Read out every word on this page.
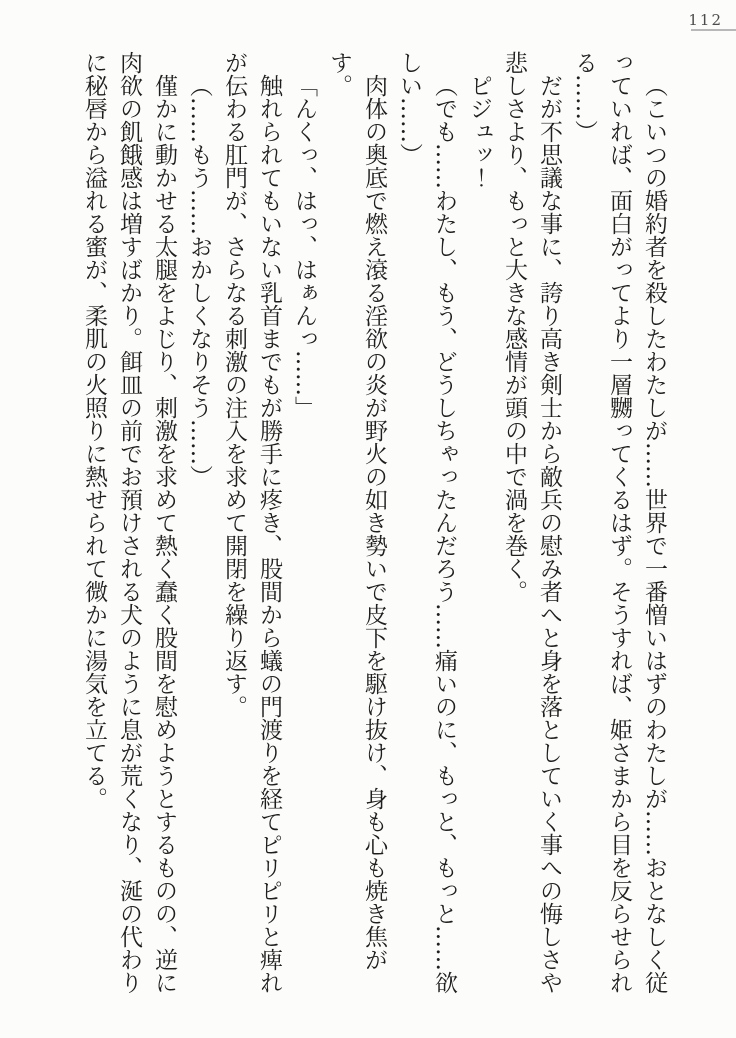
112

（こいつの婚約者を殺したわたしが……世界で一番憎いはずのわたしが……おとなしく従っていれば、面白がってより一層嬲ってくるはず。そうすれば、姫さまから目を反らせられる……）

だが不思議な事に、誇り高き剣士から敵兵の慰み者へと身を落としていく事への悔しさや悲しさより、もっと大きな感情が頭の中で渦を巻く。

ピジュッ！

（でも……わたし、もう、どうしちゃったんだろう……痛いのに、もっと、もっと……欲しい……）

肉体の奥底で燃え滾る淫欲の炎が野火の如き勢いで皮下を駆け抜け、身も心も焼き焦がす。

「んくっ、はっ、はぁんっ……」

触れられてもいない乳首までもが勝手に疼き、股間から蟻の門渡りを経てピリピリと痺れが伝わる肛門が、さらなる刺激の注入を求めて開閉を繰り返す。

（……もう……おかしくなりそう……）

僅かに動かせる太腿をよじり、刺激を求めて熱く蠢く股間を慰めようとするものの、逆に肉欲の飢餓感は増すばかり。餌皿の前でお預けされる犬のように息が荒くなり、涎の代わりに秘唇から溢れる蜜が、柔肌の火照りに熱せられて微かに湯気を立てる。
